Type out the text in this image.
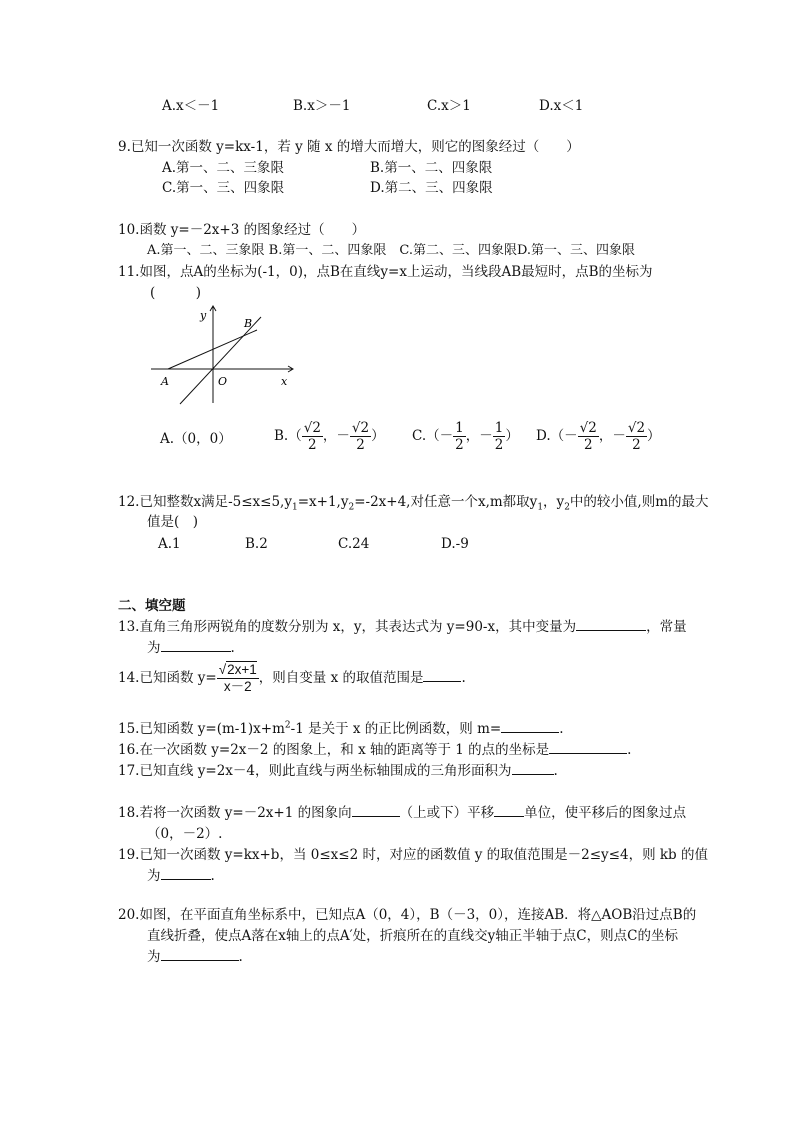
A.x＜－1	B.x＞－1	C.x＞1	D.x＜1
9.已知一次函数 y=kx-1，若 y 随 x 的增大而增大，则它的图象经过（　　）
A.第一、二、三象限	B.第一、二、四象限
C.第一、三、四象限	D.第二、三、四象限
10.函数 y=－2x+3 的图象经过（　　）
A.第一、二、三象限 B.第一、二、四象限　C.第二、三、四象限D.第一、三、四象限
11.如图，点A的坐标为(-1，0)，点B在直线y=x上运动，当线段AB最短时，点B的坐标为
(　　　)
y
x
A	O
B
A.（0，0）	$B.( \frac{√2}{2}$ ，－ $\frac{√2}{2}$ ） $C.(- \frac{1}{2}$ ，－ $\frac{1}{2}$ ） $D.(- \frac{√2}{2}$ ，－ $\frac{√2}{2}$ ）
12.已知整数x满足$-5\le x\le 5,y_1=x+1,y_2=-2x+4$,对任意一个x,m都取$y_1$，$y_2$中的较小值,则m的最大
值是(　)
A.1	B.2	C.24	D.-9
二、填空题
13.直角三角形两锐角的度数分别为 x，y，其表达式为 y=90-x，其中变量为	，常量
为	.
14.已知函数 $y= \frac{√2x+1}{x-2}$ ，则自变量 x 的取值范围是	.
15.已知函数 $y=(m-1)x+m^2-1$ 是关于 x 的正比例函数，则 m=	.
16.在一次函数 y=2x－2 的图象上，和 x 轴的距离等于 1 的点的坐标是	.
17.已知直线 y=2x－4，则此直线与两坐标轴围成的三角形面积为	.
18.若将一次函数 y=－2x+1 的图象向	（上或下）平移 单位，使平移后的图象过点
（0，－2）.
19.已知一次函数 y=kx+b，当 0≤x≤2 时，对应的函数值 y 的取值范围是－2≤y≤4，则 kb 的值
为	.
20.如图，在平面直角坐标系中，已知点A（0，4），B（－3，0），连接AB．将△AOB沿过点B的
直线折叠，使点A落在x轴上的点A′处，折痕所在的直线交y轴正半轴于点C，则点C的坐标
为	.
